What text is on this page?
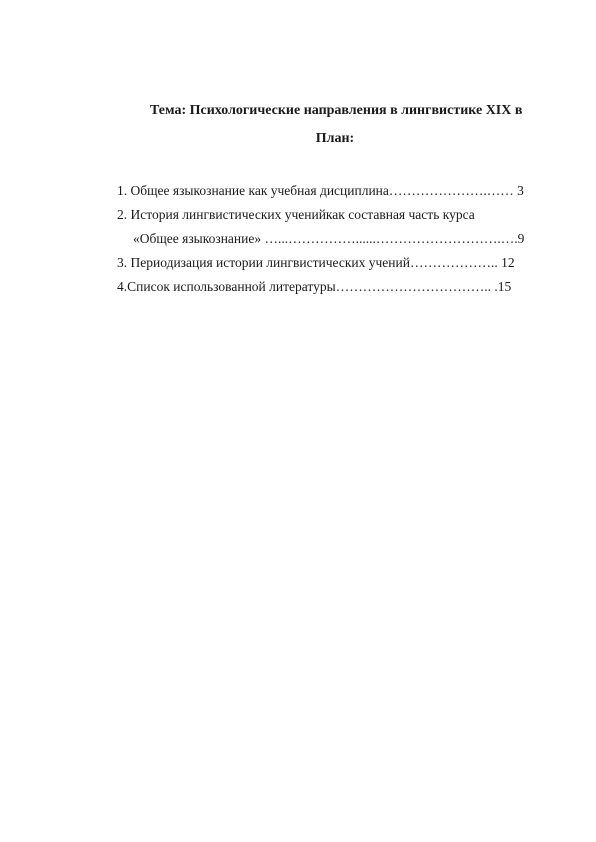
Тема: Психологические направления в лингвистике XIX в
План:
1. Общее языкознание как учебная дисциплина………………….…… 3
2. История лингвистических ученийкак составная часть курса
«Общее языкознание» …...……………......……………………….….9
3. Периодизация истории лингвистических учений……………….. 12
4.Список использованной литературы…………………………….. .15
